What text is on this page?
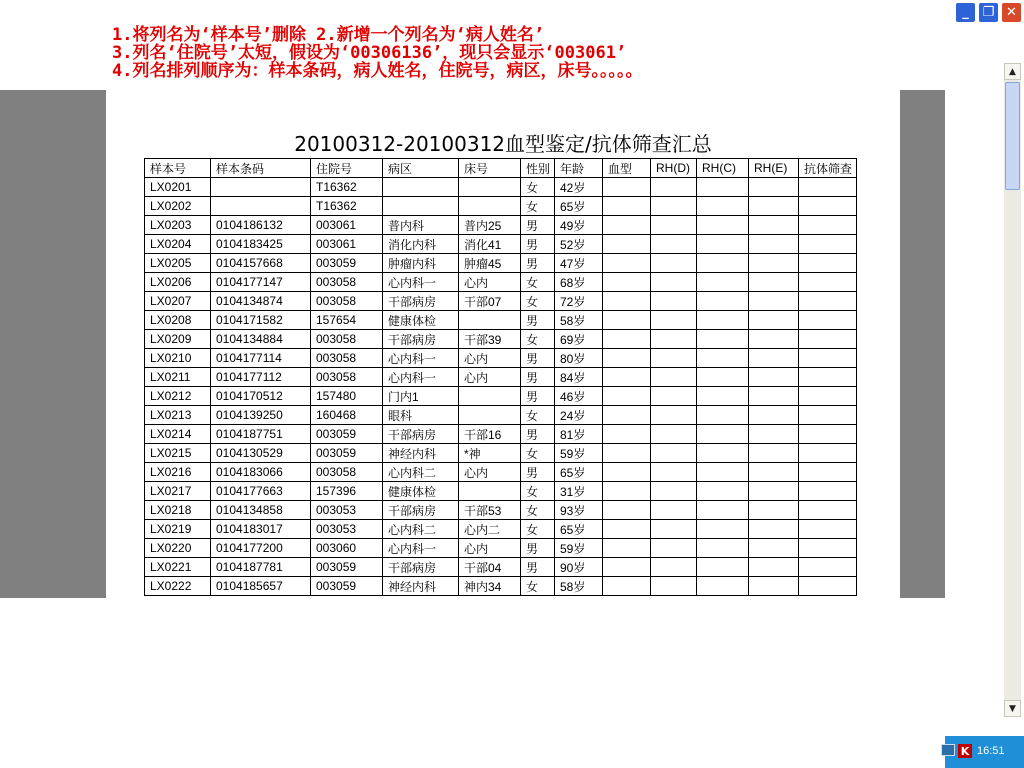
_	❐ ✕
1.将列名为‘样本号’删除 2.新增一个列名为‘病人姓名’
3.列名‘住院号’太短，假设为‘00306136’，现只会显示‘003061’
4.列名排列顺序为：样本条码，病人姓名，住院号，病区，床号。。。。。
20100312-20100312血型鉴定/抗体筛查汇总
样本号	样本条码	住院号	病区	床号	性别	年龄	血型	RH(D)	RH(C)	RH(E)	抗体筛查
LX0201		T16362			女	42岁					
LX0202		T16362			女	65岁					
LX0203	0104186132	003061	普内科	普内25	男	49岁					
LX0204	0104183425	003061	消化内科	消化41	男	52岁					
LX0205	0104157668	003059	肿瘤内科	肿瘤45	男	47岁					
LX0206	0104177147	003058	心内科一	心内	女	68岁					
LX0207	0104134874	003058	干部病房	干部07	女	72岁					
LX0208	0104171582	157654	健康体检		男	58岁					
LX0209	0104134884	003058	干部病房	干部39	女	69岁					
LX0210	0104177114	003058	心内科一	心内	男	80岁					
LX0211	0104177112	003058	心内科一	心内	男	84岁					
LX0212	0104170512	157480	门内1		男	46岁					
LX0213	0104139250	160468	眼科		女	24岁					
LX0214	0104187751	003059	干部病房	干部16	男	81岁					
LX0215	0104130529	003059	神经内科	*神	女	59岁					
LX0216	0104183066	003058	心内科二	心内	男	65岁					
LX0217	0104177663	157396	健康体检		女	31岁					
LX0218	0104134858	003053	干部病房	干部53	女	93岁					
LX0219	0104183017	003053	心内科二	心内二	女	65岁					
LX0220	0104177200	003060	心内科一	心内	男	59岁					
LX0221	0104187781	003059	干部病房	干部04	男	90岁					
LX0222	0104185657	003059	神经内科	神内34	女	58岁					
▲
▼
K 16:51
